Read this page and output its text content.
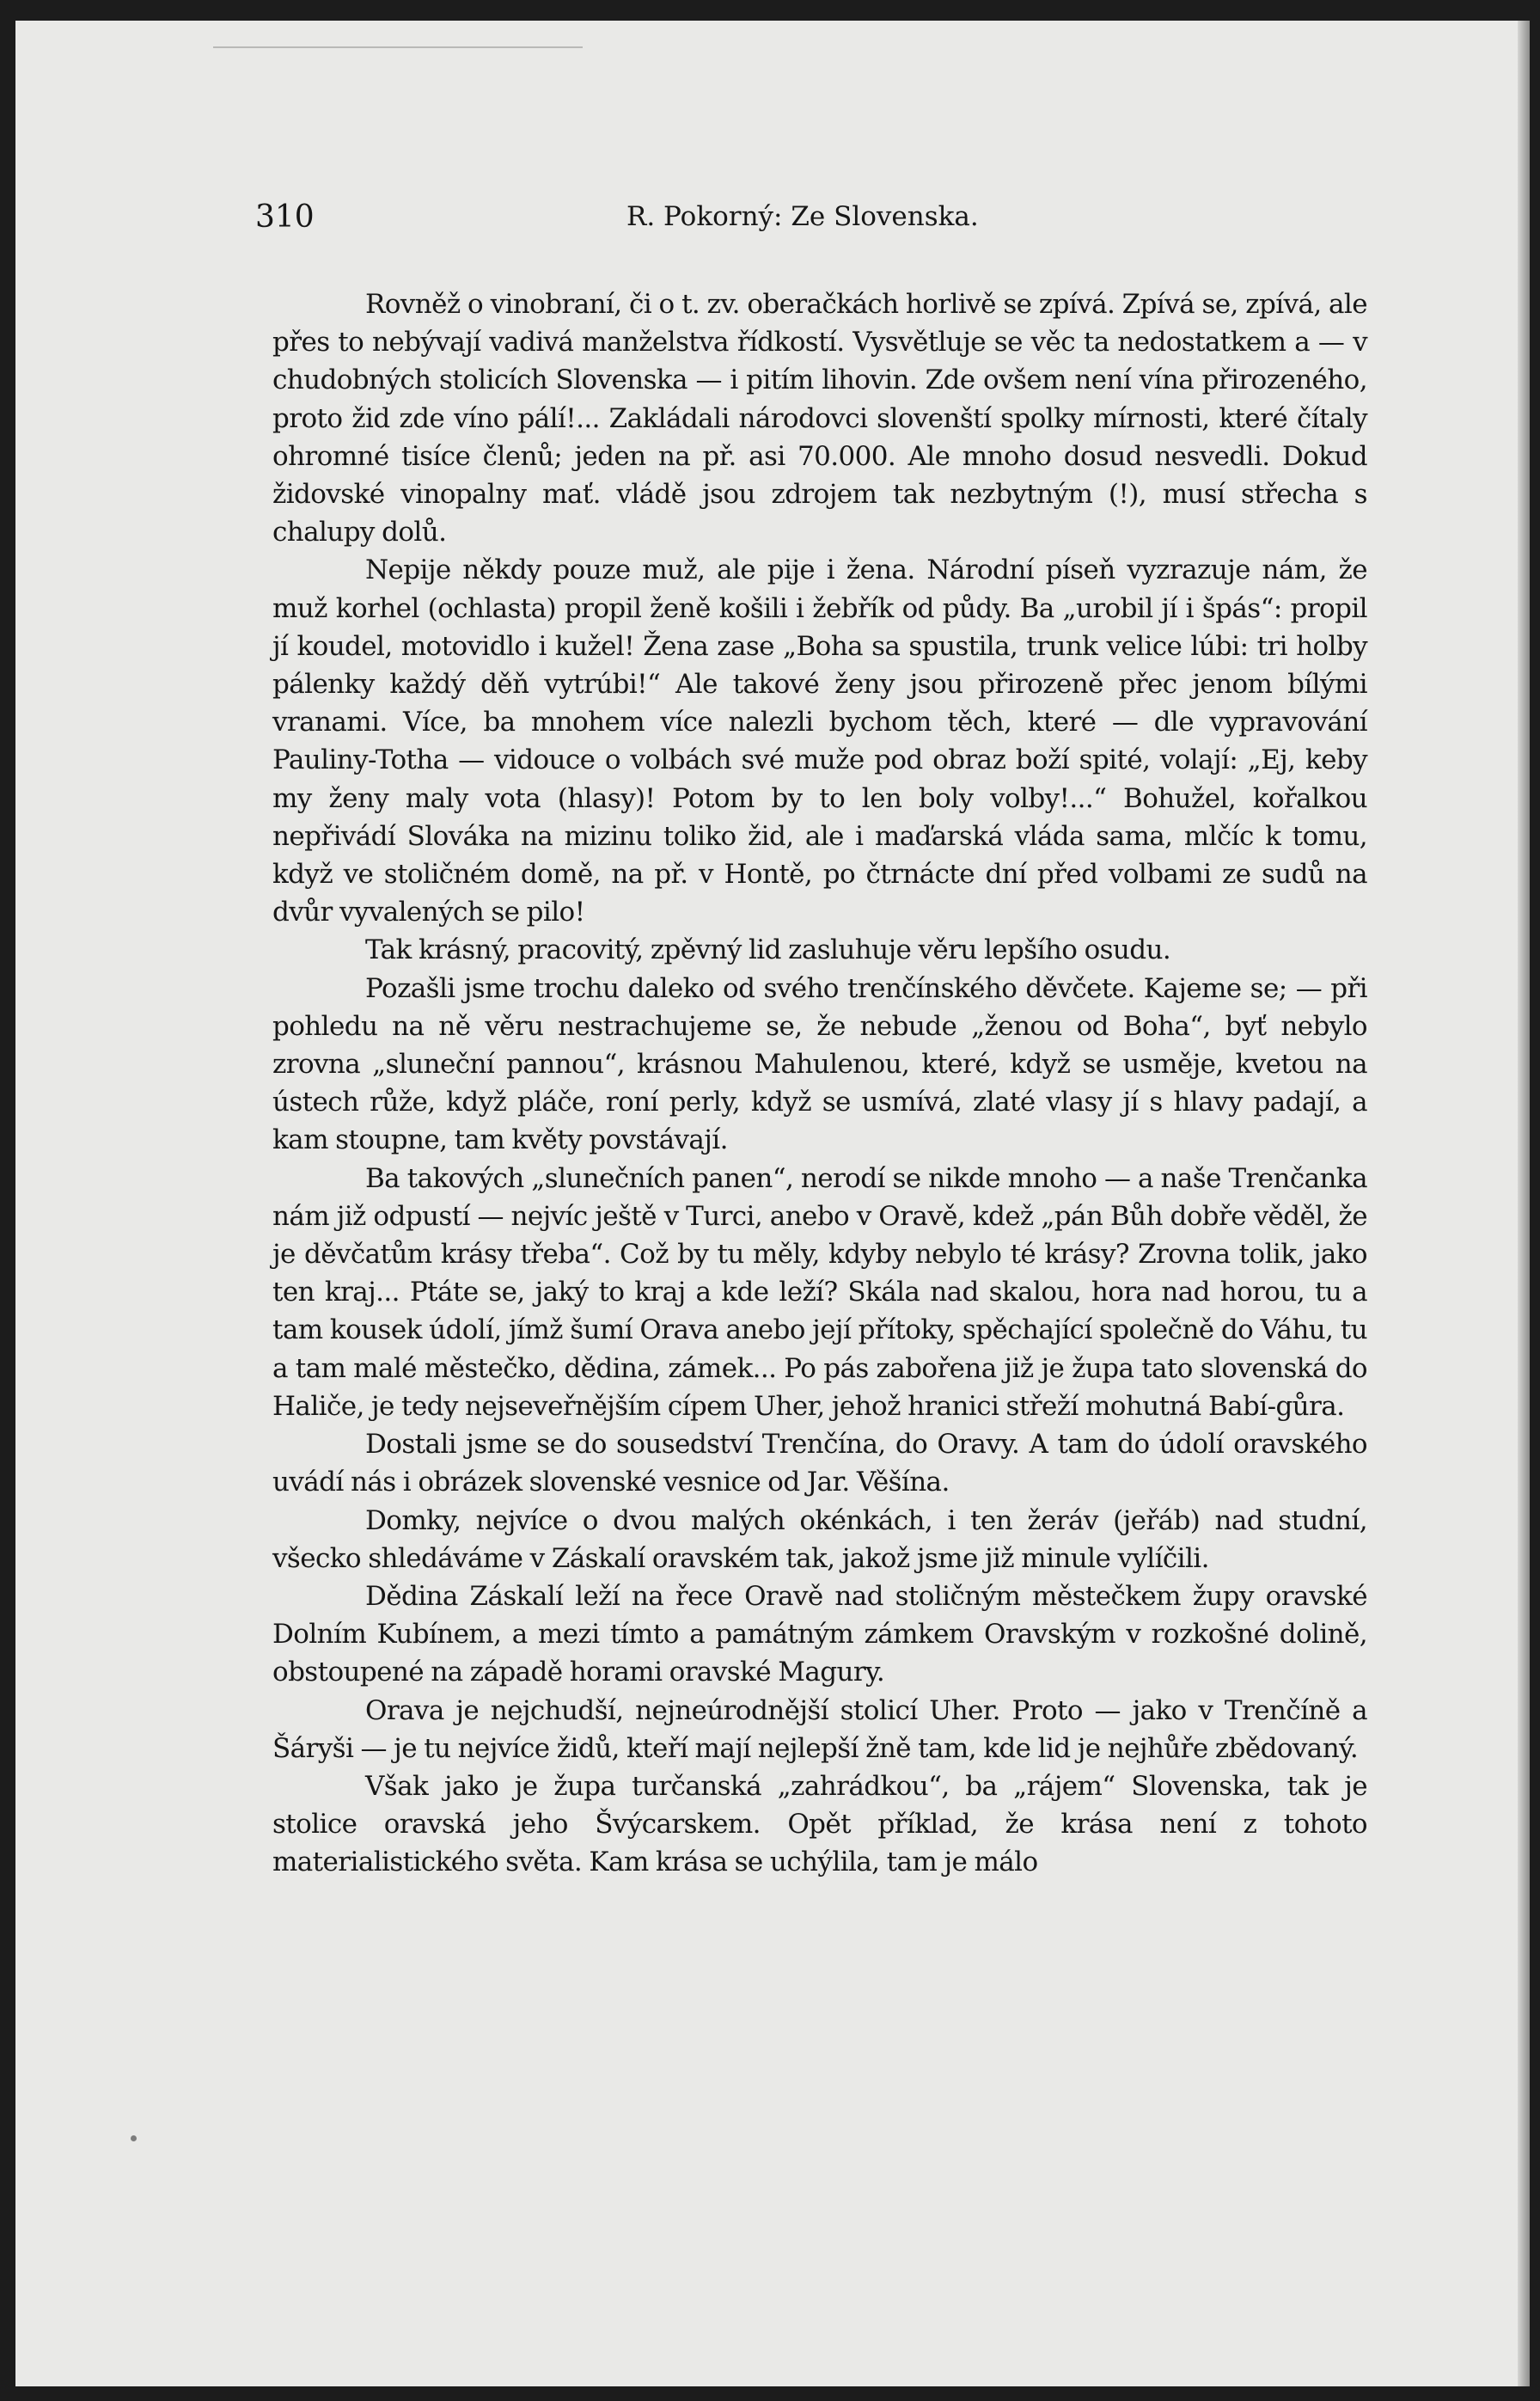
310	R. Pokorný: Ze Slovenska.

Rovněž o vinobraní, či o t. zv. oberačkách horlivě se zpívá. Zpívá se, zpívá, ale přes to nebývají vadivá manželstva řídkostí. Vysvětluje se věc ta nedostatkem a — v chudobných stolicích Slovenska — i pitím lihovin. Zde ovšem není vína přirozeného, proto žid zde víno pálí!... Zakládali národovci slovenští spolky mírnosti, které čítaly ohromné tisíce členů; jeden na př. asi 70.000. Ale mnoho dosud nesvedli. Dokud židovské vinopalny mať. vládě jsou zdrojem tak nezbytným (!), musí střecha s chalupy dolů.

Nepije někdy pouze muž, ale pije i žena. Národní píseň vyzrazuje nám, že muž korhel (ochlasta) propil ženě košili i žebřík od půdy. Ba „urobil jí i špás“: propil jí koudel, motovidlo i kužel! Žena zase „Boha sa spustila, trunk velice lúbi: tri holby pálenky každý děň vytrúbi!“ Ale takové ženy jsou přirozeně přec jenom bílými vranami. Více, ba mnohem více nalezli bychom těch, které — dle vypravování Pauliny-Totha — vidouce o volbách své muže pod obraz boží spité, volají: „Ej, keby my ženy maly vota (hlasy)! Potom by to len boly volby!...“ Bohužel, kořalkou nepřivádí Slováka na mizinu toliko žid, ale i maďarská vláda sama, mlčíc k tomu, když ve stoličném domě, na př. v Hontě, po čtrnácte dní před volbami ze sudů na dvůr vyvalených se pilo!

Tak krásný, pracovitý, zpěvný lid zasluhuje věru lepšího osudu.

Pozašli jsme trochu daleko od svého trenčínského děvčete. Kajeme se; — při pohledu na ně věru nestrachujeme se, že nebude „ženou od Boha“, byť nebylo zrovna „sluneční pannou“, krásnou Mahulenou, které, když se usměje, kvetou na ústech růže, když pláče, roní perly, když se usmívá, zlaté vlasy jí s hlavy padají, a kam stoupne, tam květy povstávají.

Ba takových „slunečních panen“, nerodí se nikde mnoho — a naše Trenčanka nám již odpustí — nejvíc ještě v Turci, anebo v Oravě, kdež „pán Bůh dobře věděl, že je děvčatům krásy třeba“. Což by tu měly, kdyby nebylo té krásy? Zrovna tolik, jako ten kraj... Ptáte se, jaký to kraj a kde leží? Skála nad skalou, hora nad horou, tu a tam kousek údolí, jímž šumí Orava anebo její přítoky, spěchající společně do Váhu, tu a tam malé městečko, dědina, zámek... Po pás zabořena již je župa tato slovenská do Haliče, je tedy nejseveřnějším cípem Uher, jehož hranici střeží mohutná Babí-gůra.

Dostali jsme se do sousedství Trenčína, do Oravy. A tam do údolí oravského uvádí nás i obrázek slovenské vesnice od Jar. Věšína.

Domky, nejvíce o dvou malých okénkách, i ten žeráv (jeřáb) nad studní, všecko shledáváme v Záskalí oravském tak, jakož jsme již minule vylíčili.

Dědina Záskalí leží na řece Oravě nad stoličným městečkem župy oravské Dolním Kubínem, a mezi tímto a památným zámkem Oravským v rozkošné dolině, obstoupené na západě horami oravské Magury.

Orava je nejchudší, nejneúrodnější stolicí Uher. Proto — jako v Trenčíně a Šáryši — je tu nejvíce židů, kteří mají nejlepší žně tam, kde lid je nejhůře zbědovaný.

Však jako je župa turčanská „zahrádkou“, ba „rájem“ Slovenska, tak je stolice oravská jeho Švýcarskem. Opět příklad, že krása není z tohoto materialistického světa. Kam krása se uchýlila, tam je málo
